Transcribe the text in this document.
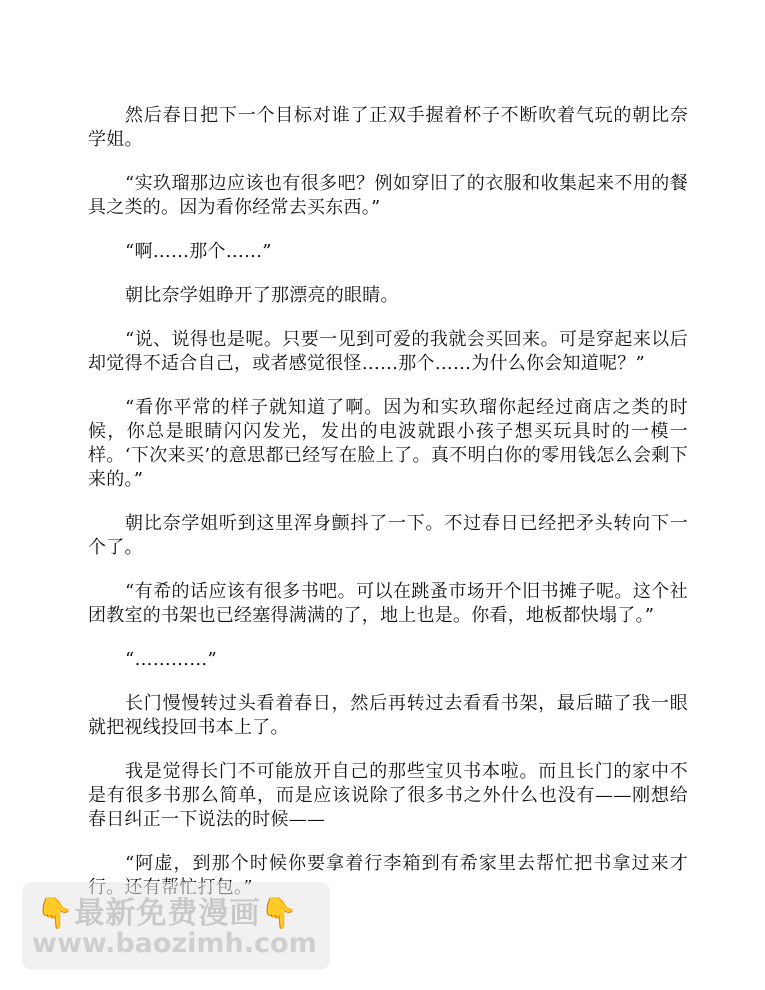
然后春日把下一个目标对谁了正双手握着杯子不断吹着气玩的朝比奈学姐。

“实玖瑠那边应该也有很多吧？例如穿旧了的衣服和收集起来不用的餐具之类的。因为看你经常去买东西。”

“啊……那个……”

朝比奈学姐睁开了那漂亮的眼睛。

“说、说得也是呢。只要一见到可爱的我就会买回来。可是穿起来以后却觉得不适合自己，或者感觉很怪……那个……为什么你会知道呢？”

“看你平常的样子就知道了啊。因为和实玖瑠你起经过商店之类的时候，你总是眼睛闪闪发光，发出的电波就跟小孩子想买玩具时的一模一样。‘下次来买’的意思都已经写在脸上了。真不明白你的零用钱怎么会剩下来的。”

朝比奈学姐听到这里浑身颤抖了一下。不过春日已经把矛头转向下一个了。

“有希的话应该有很多书吧。可以在跳蚤市场开个旧书摊子呢。这个社团教室的书架也已经塞得满满的了，地上也是。你看，地板都快塌了。”

“…………”

长门慢慢转过头看着春日，然后再转过去看看书架，最后瞄了我一眼就把视线投回书本上了。

我是觉得长门不可能放开自己的那些宝贝书本啦。而且长门的家中不是有很多书那么简单，而是应该说除了很多书之外什么也没有——刚想给春日纠正一下说法的时候——

“阿虚，到那个时候你要拿着行李箱到有希家里去帮忙把书拿过来才

👇最新免费漫画👇
www.baozimh.com
